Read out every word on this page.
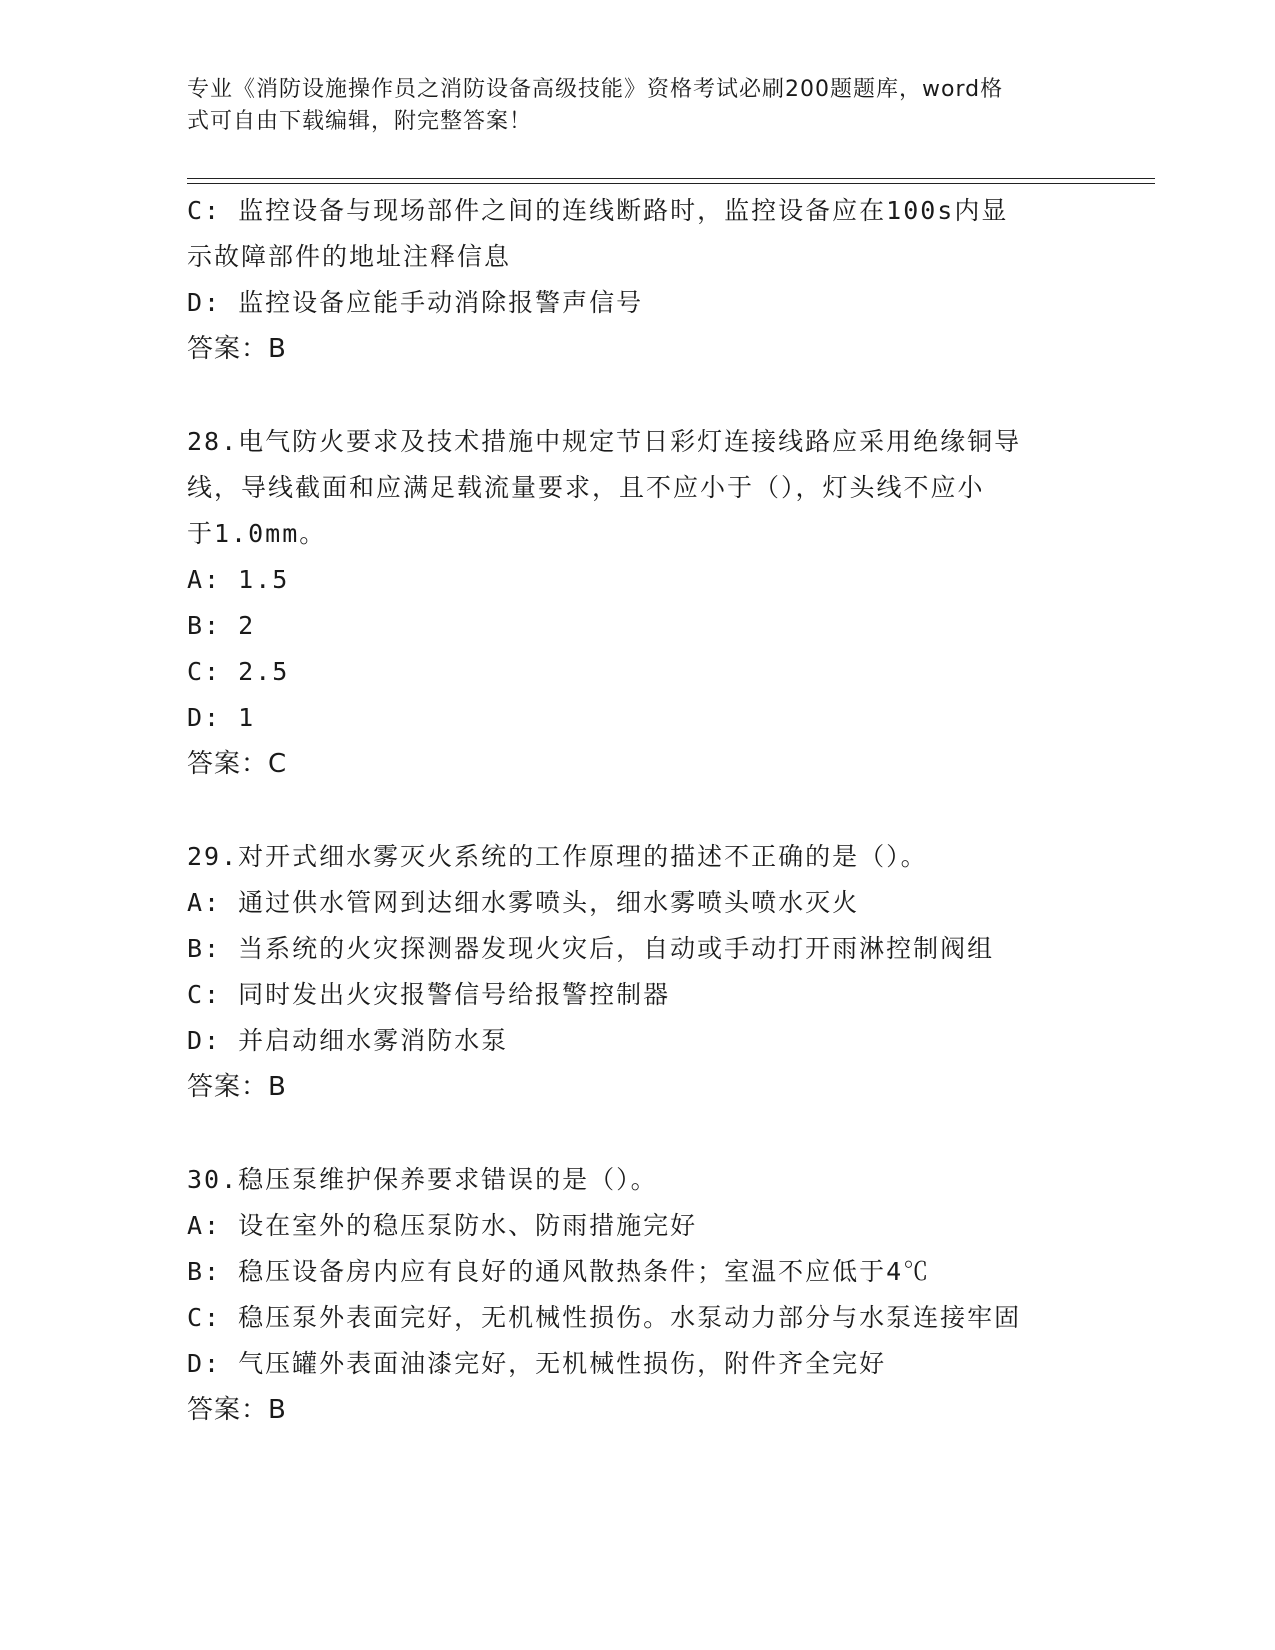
专业《消防设施操作员之消防设备高级技能》资格考试必刷200题题库，word格
式可自由下载编辑，附完整答案！
C: 监控设备与现场部件之间的连线断路时，监控设备应在100s内显
示故障部件的地址注释信息
D: 监控设备应能手动消除报警声信号
答案：B
28.电气防火要求及技术措施中规定节日彩灯连接线路应采用绝缘铜导
线，导线截面和应满足载流量要求，且不应小于（），灯头线不应小
于1.0mm。
A: 1.5
B: 2
C: 2.5
D: 1
答案：C
29.对开式细水雾灭火系统的工作原理的描述不正确的是（）。
A: 通过供水管网到达细水雾喷头，细水雾喷头喷水灭火
B: 当系统的火灾探测器发现火灾后，自动或手动打开雨淋控制阀组
C: 同时发出火灾报警信号给报警控制器
D: 并启动细水雾消防水泵
答案：B
30.稳压泵维护保养要求错误的是（）。
A: 设在室外的稳压泵防水、防雨措施完好
B: 稳压设备房内应有良好的通风散热条件；室温不应低于4℃
C: 稳压泵外表面完好，无机械性损伤。水泵动力部分与水泵连接牢固
D: 气压罐外表面油漆完好，无机械性损伤，附件齐全完好
答案：B
